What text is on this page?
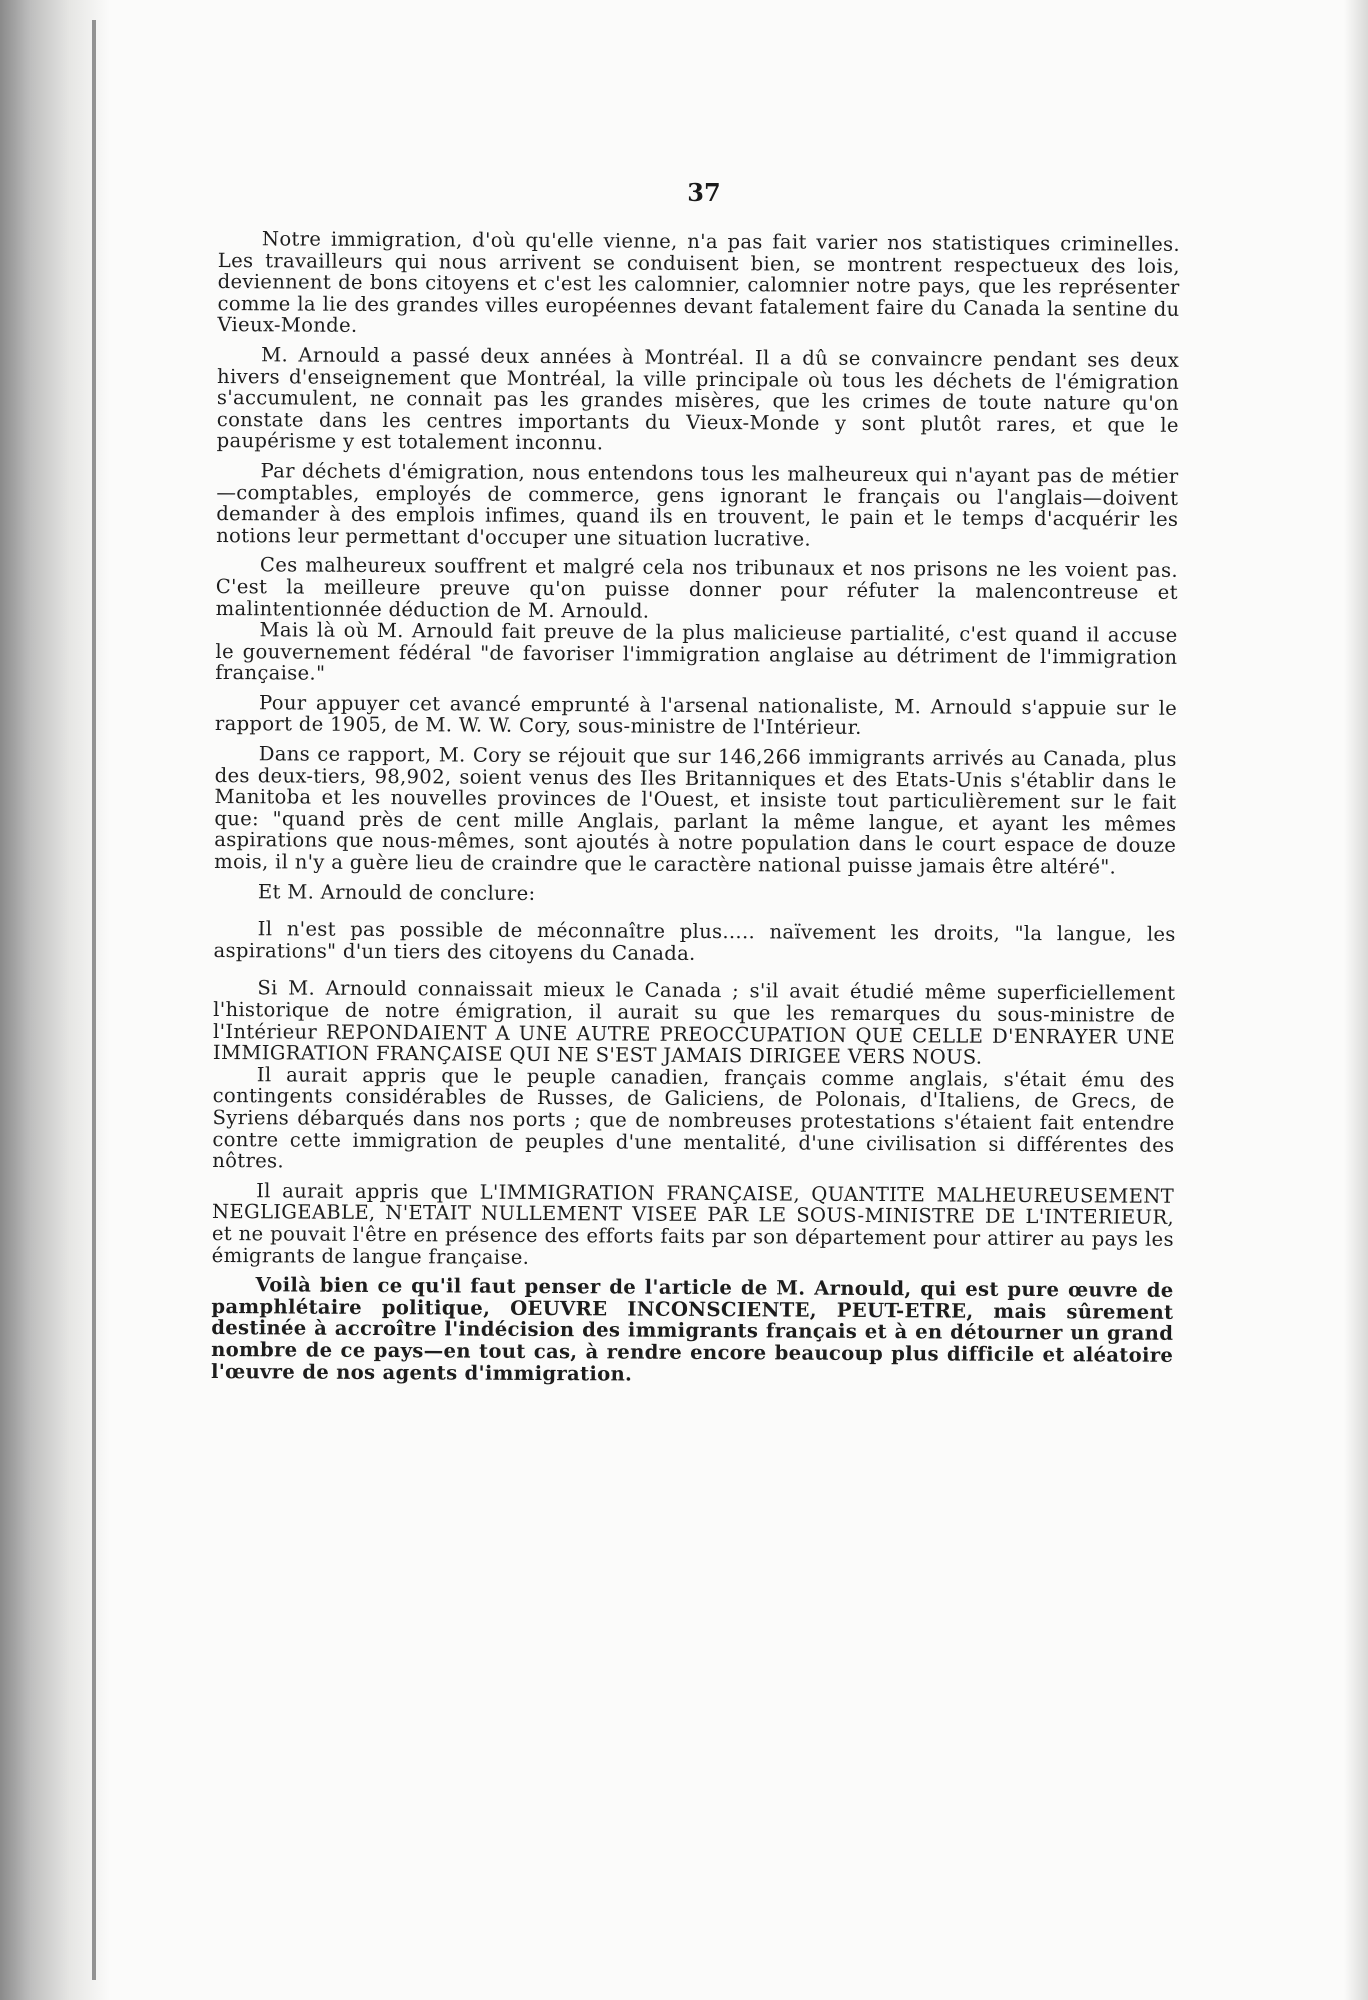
37

Notre immigration, d'où qu'elle vienne, n'a pas fait varier nos statistiques criminelles. Les travailleurs qui nous arrivent se conduisent bien, se montrent respectueux des lois, deviennent de bons citoyens et c'est les calomnier, calomnier notre pays, que les représenter comme la lie des grandes villes européennes devant fatalement faire du Canada la sentine du Vieux-Monde.

M. Arnould a passé deux années à Montréal. Il a dû se convaincre pendant ses deux hivers d'enseignement que Montréal, la ville principale où tous les déchets de l'émigration s'accumulent, ne connait pas les grandes misères, que les crimes de toute nature qu'on constate dans les centres importants du Vieux-Monde y sont plutôt rares, et que le paupérisme y est totalement inconnu.

Par déchets d'émigration, nous entendons tous les malheureux qui n'ayant pas de métier—comptables, employés de commerce, gens ignorant le français ou l'anglais—doivent demander à des emplois infimes, quand ils en trouvent, le pain et le temps d'acquérir les notions leur permettant d'occuper une situation lucrative.

Ces malheureux souffrent et malgré cela nos tribunaux et nos prisons ne les voient pas. C'est la meilleure preuve qu'on puisse donner pour réfuter la malencontreuse et malintentionnée déduction de M. Arnould.

Mais là où M. Arnould fait preuve de la plus malicieuse partialité, c'est quand il accuse le gouvernement fédéral "de favoriser l'immigration anglaise au détriment de l'immigration française."

Pour appuyer cet avancé emprunté à l'arsenal nationaliste, M. Arnould s'appuie sur le rapport de 1905, de M. W. W. Cory, sous-ministre de l'Intérieur.

Dans ce rapport, M. Cory se réjouit que sur 146,266 immigrants arrivés au Canada, plus des deux-tiers, 98,902, soient venus des Iles Britanniques et des Etats-Unis s'établir dans le Manitoba et les nouvelles provinces de l'Ouest, et insiste tout particulièrement sur le fait que: "quand près de cent mille Anglais, parlant la même langue, et ayant les mêmes aspirations que nous-mêmes, sont ajoutés à notre population dans le court espace de douze mois, il n'y a guère lieu de craindre que le caractère national puisse jamais être altéré".

Et M. Arnould de conclure:

Il n'est pas possible de méconnaître plus..... naïvement les droits, "la langue, les aspirations" d'un tiers des citoyens du Canada.

Si M. Arnould connaissait mieux le Canada ; s'il avait étudié même superficiellement l'historique de notre émigration, il aurait su que les remarques du sous-ministre de l'Intérieur REPONDAIENT A UNE AUTRE PREOCCUPATION QUE CELLE D'ENRAYER UNE IMMIGRATION FRANÇAISE QUI NE S'EST JAMAIS DIRIGEE VERS NOUS.

Il aurait appris que le peuple canadien, français comme anglais, s'était ému des contingents considérables de Russes, de Galiciens, de Polonais, d'Italiens, de Grecs, de Syriens débarqués dans nos ports ; que de nombreuses protestations s'étaient fait entendre contre cette immigration de peuples d'une mentalité, d'une civilisation si différentes des nôtres.

Il aurait appris que L'IMMIGRATION FRANÇAISE, QUANTITE MALHEUREUSEMENT NEGLIGEABLE, N'ETAIT NULLEMENT VISEE PAR LE SOUS-MINISTRE DE L'INTERIEUR, et ne pouvait l'être en présence des efforts faits par son département pour attirer au pays les émigrants de langue française.

Voilà bien ce qu'il faut penser de l'article de M. Arnould, qui est pure œuvre de pamphlétaire politique, OEUVRE INCONSCIENTE, PEUT-ETRE, mais sûrement destinée à accroître l'indécision des immigrants français et à en détourner un grand nombre de ce pays—en tout cas, à rendre encore beaucoup plus difficile et aléatoire l'œuvre de nos agents d'immigration.
